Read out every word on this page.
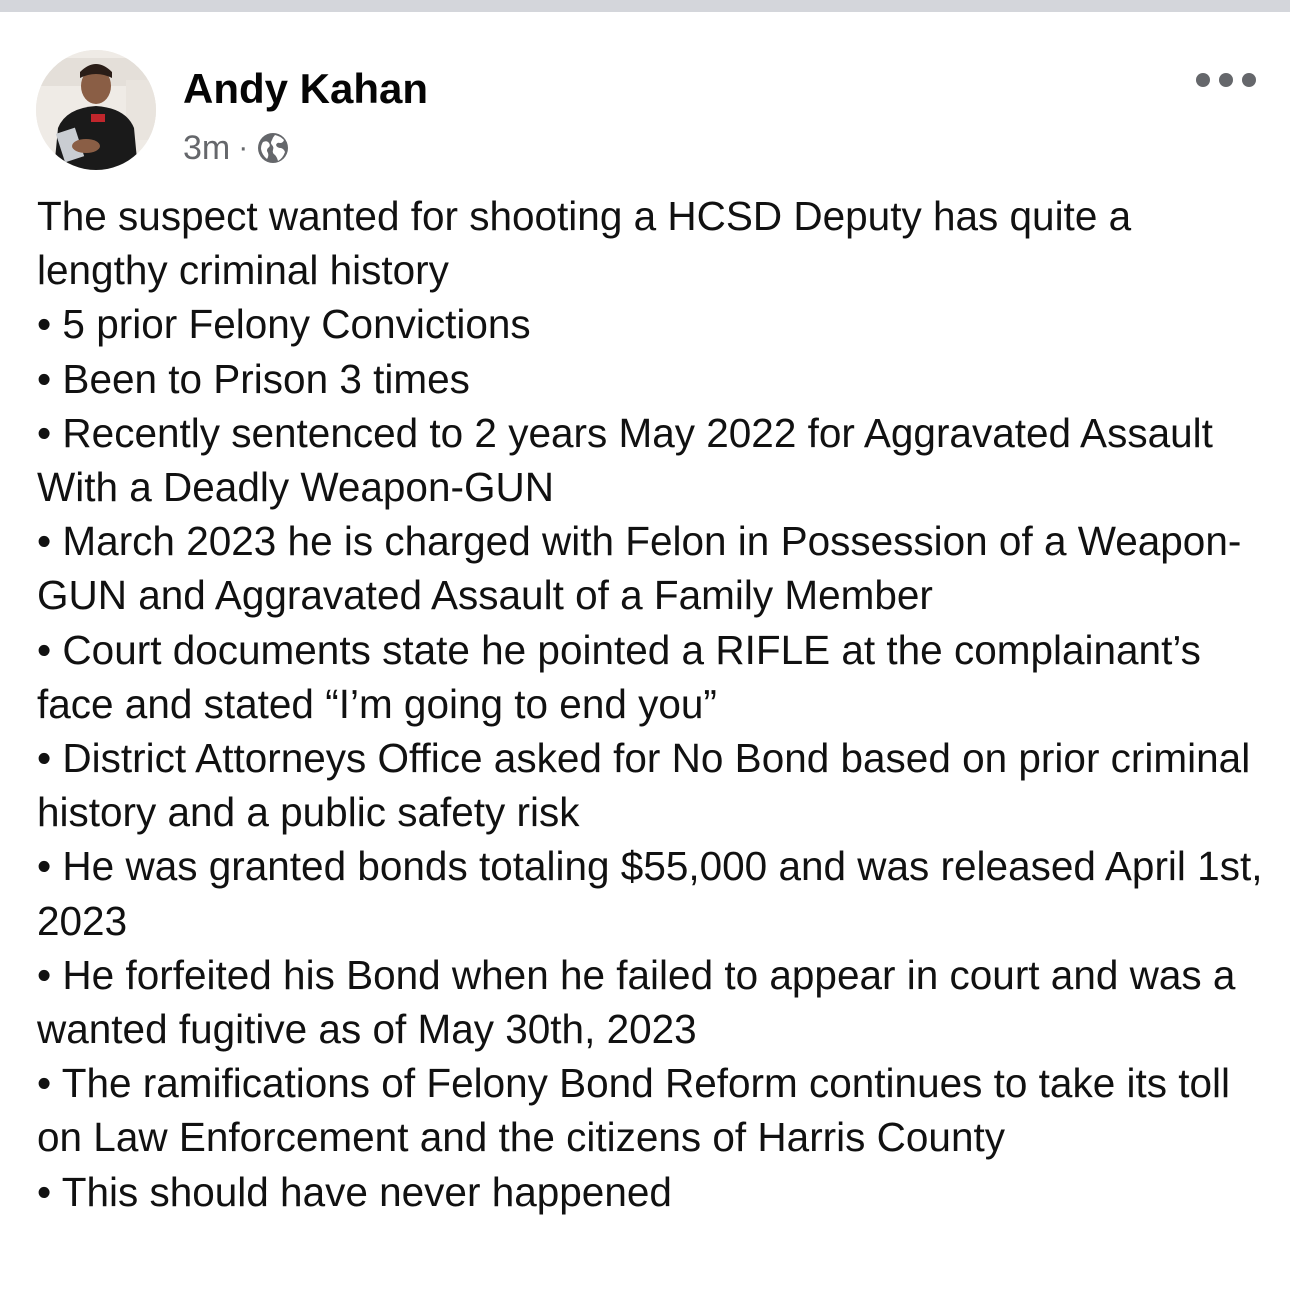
Andy Kahan
3m ·

The suspect wanted for shooting a HCSD Deputy has quite a lengthy criminal history

• 5 prior Felony Convictions

• Been to Prison 3 times

• Recently sentenced to 2 years May 2022 for Aggravated Assault With a Deadly Weapon-GUN

• March 2023 he is charged with Felon in Possession of a Weapon-GUN and Aggravated Assault of a Family Member

• Court documents state he pointed a RIFLE at the complainant’s face and stated “I’m going to end you”

• District Attorneys Office asked for No Bond based on prior criminal history and a public safety risk

• He was granted bonds totaling $55,000 and was released April 1st, 2023

• He forfeited his Bond when he failed to appear in court and was a wanted fugitive as of May 30th, 2023

• The ramifications of Felony Bond Reform continues to take its toll on Law Enforcement and the citizens of Harris County

• This should have never happened
